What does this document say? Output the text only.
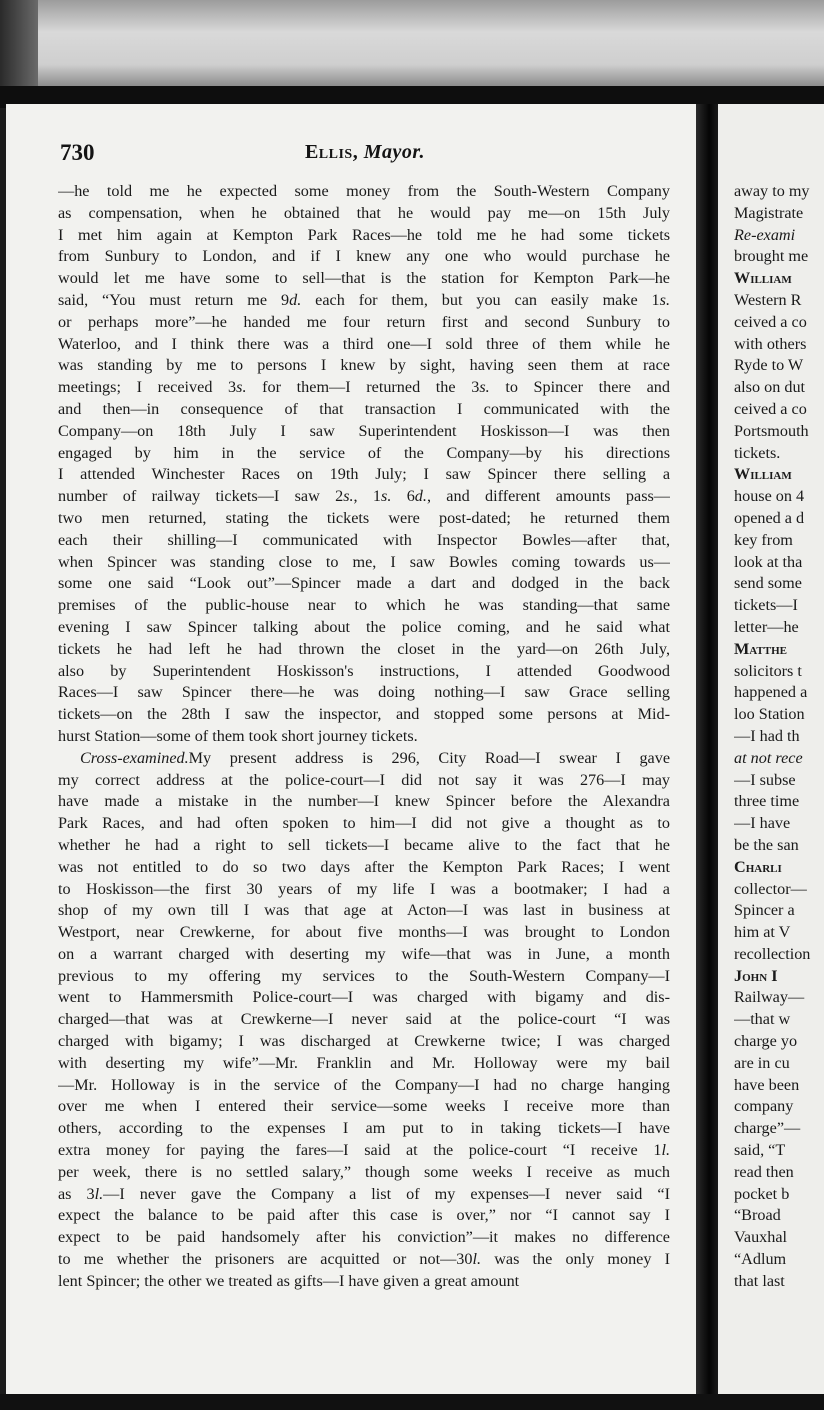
730	Ellis, Mayor.
—he told me he expected some money from the South-Western Company
as compensation, when he obtained that he would pay me—on 15th July
I met him again at Kempton Park Races—he told me he had some tickets
from Sunbury to London, and if I knew any one who would purchase he
would let me have some to sell—that is the station for Kempton Park—he
said, “You must return me 9d. each for them, but you can easily make 1s.
or perhaps more”—he handed me four return first and second Sunbury to
Waterloo, and I think there was a third one—I sold three of them while he
was standing by me to persons I knew by sight, having seen them at race
meetings; I received 3s. for them—I returned the 3s. to Spincer there and
and then—in consequence of that transaction I communicated with the
Company—on 18th July I saw Superintendent Hoskisson—I was then
engaged by him in the service of the Company—by his directions
I attended Winchester Races on 19th July; I saw Spincer there selling a
number of railway tickets—I saw 2s., 1s. 6d., and different amounts pass—
two men returned, stating the tickets were post-dated; he returned them
each their shilling—I communicated with Inspector Bowles—after that,
when Spincer was standing close to me, I saw Bowles coming towards us—
some one said “Look out”—Spincer made a dart and dodged in the back
premises of the public-house near to which he was standing—that same
evening I saw Spincer talking about the police coming, and he said what
tickets he had left he had thrown the closet in the yard—on 26th July,
also by Superintendent Hoskisson's instructions, I attended Goodwood
Races—I saw Spincer there—he was doing nothing—I saw Grace selling
tickets—on the 28th I saw the inspector, and stopped some persons at Mid-
hurst Station—some of them took short journey tickets.
Cross-examined.My present address is 296, City Road—I swear I gave
my correct address at the police-court—I did not say it was 276—I may
have made a mistake in the number—I knew Spincer before the Alexandra
Park Races, and had often spoken to him—I did not give a thought as to
whether he had a right to sell tickets—I became alive to the fact that he
was not entitled to do so two days after the Kempton Park Races; I went
to Hoskisson—the first 30 years of my life I was a bootmaker; I had a
shop of my own till I was that age at Acton—I was last in business at
Westport, near Crewkerne, for about five months—I was brought to London
on a warrant charged with deserting my wife—that was in June, a month
previous to my offering my services to the South-Western Company—I
went to Hammersmith Police-court—I was charged with bigamy and dis-
charged—that was at Crewkerne—I never said at the police-court “I was
charged with bigamy; I was discharged at Crewkerne twice; I was charged
with deserting my wife”—Mr. Franklin and Mr. Holloway were my bail
—Mr. Holloway is in the service of the Company—I had no charge hanging
over me when I entered their service—some weeks I receive more than
others, according to the expenses I am put to in taking tickets—I have
extra money for paying the fares—I said at the police-court “I receive 1l.
per week, there is no settled salary,” though some weeks I receive as much
as 3l.—I never gave the Company a list of my expenses—I never said “I
expect the balance to be paid after this case is over,” nor “I cannot say I
expect to be paid handsomely after his conviction”—it makes no difference
to me whether the prisoners are acquitted or not—30l. was the only money I
lent Spincer; the other we treated as gifts—I have given a great amount
away to my
Magistrate
Re-exami
brought me
William
Western R
ceived a co
with others
Ryde to W
also on dut
ceived a co
Portsmouth
tickets.
William
house on 4
opened a d
key from
look at tha
send some
tickets—I
letter—he
Matthe
solicitors t
happened a
loo Station
—I had th
at not rece
—I subse
three time
—I have
be the san
Charli
collector—
Spincer a
him at V
recollection
John I
Railway—
—that w
charge yo
are in cu
have been
company
charge”—
said, “T
read then
pocket b
“Broad
Vauxhal
“Adlum
that last
